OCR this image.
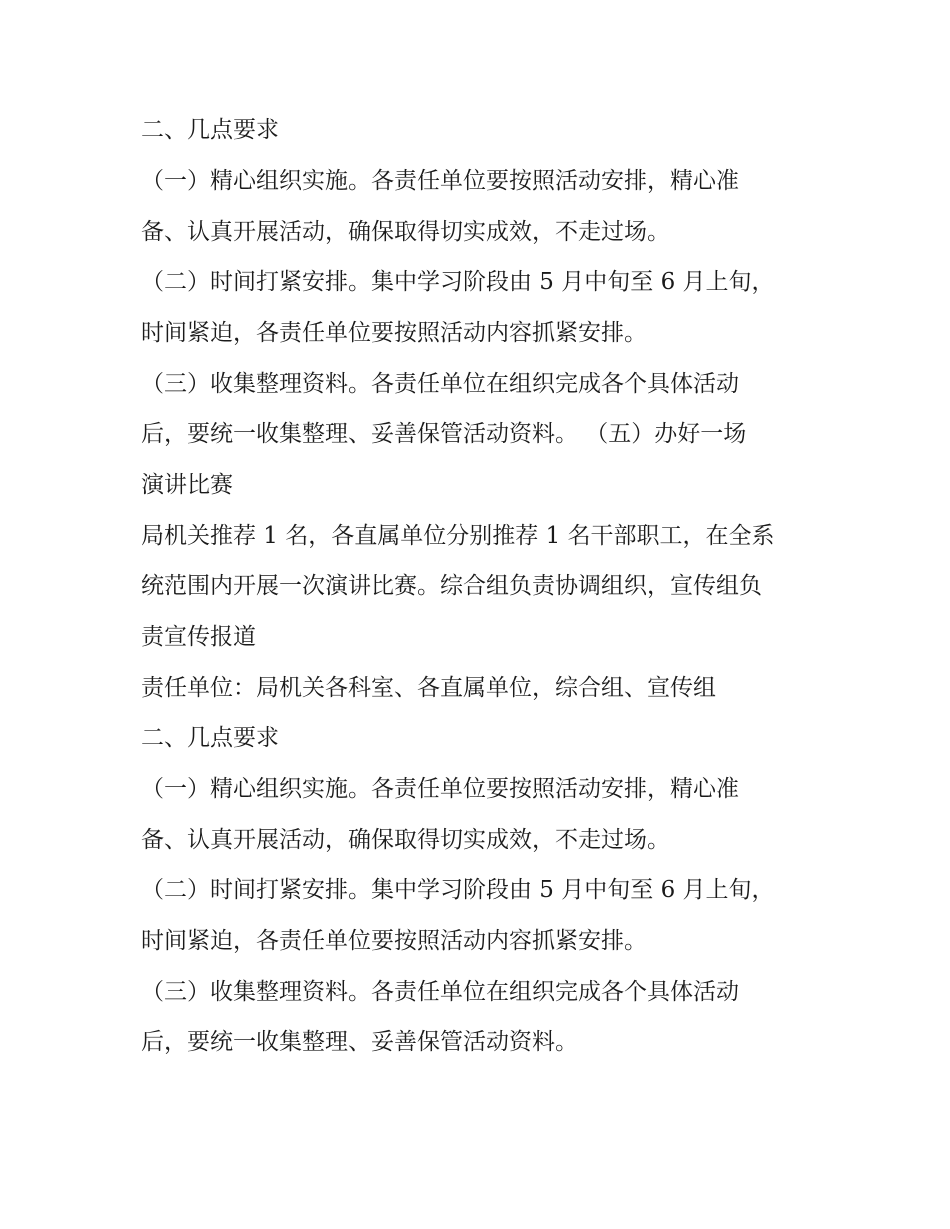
二、几点要求
（一）精心组织实施。各责任单位要按照活动安排，精心准
备、认真开展活动，确保取得切实成效，不走过场。
（二）时间打紧安排。集中学习阶段由 5 月中旬至 6 月上旬，
时间紧迫，各责任单位要按照活动内容抓紧安排。
（三）收集整理资料。各责任单位在组织完成各个具体活动
后，要统一收集整理、妥善保管活动资料。 （五）办好一场
演讲比赛
局机关推荐 1 名，各直属单位分别推荐 1 名干部职工，在全系
统范围内开展一次演讲比赛。综合组负责协调组织，宣传组负
责宣传报道
责任单位：局机关各科室、各直属单位，综合组、宣传组
二、几点要求
（一）精心组织实施。各责任单位要按照活动安排，精心准
备、认真开展活动，确保取得切实成效，不走过场。
（二）时间打紧安排。集中学习阶段由 5 月中旬至 6 月上旬，
时间紧迫，各责任单位要按照活动内容抓紧安排。
（三）收集整理资料。各责任单位在组织完成各个具体活动
后，要统一收集整理、妥善保管活动资料。
